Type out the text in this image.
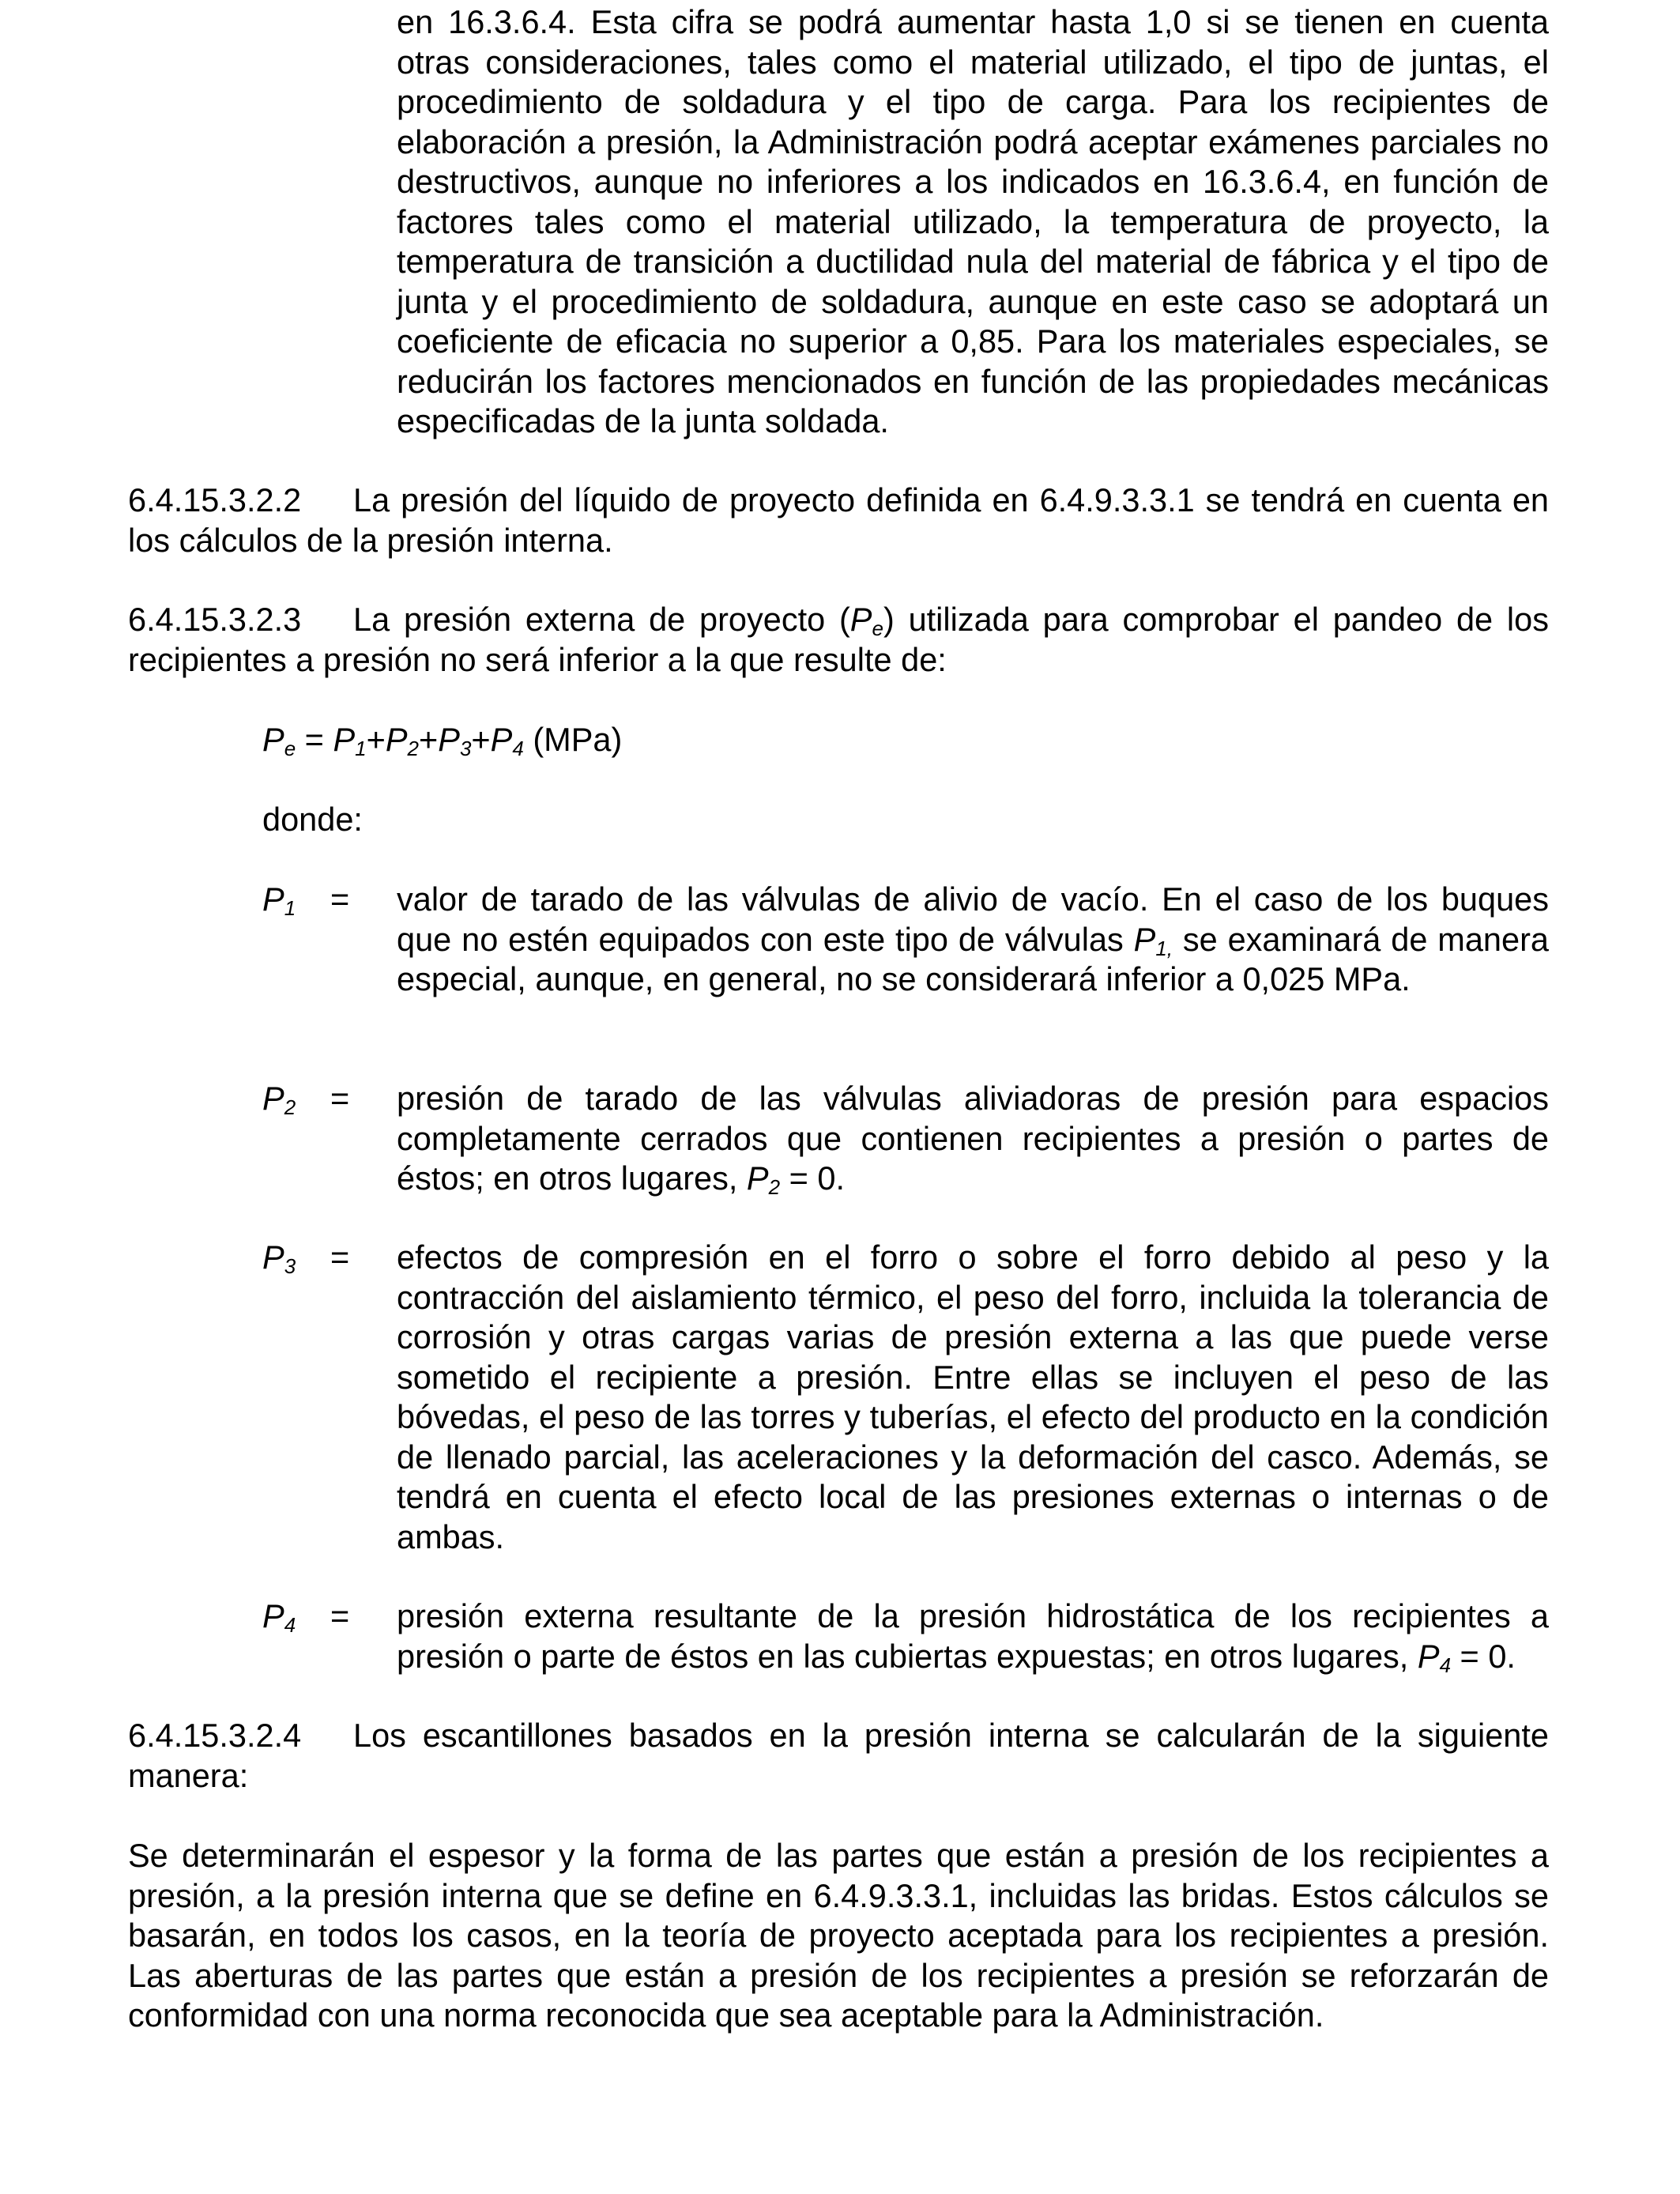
en 16.3.6.4. Esta cifra se podrá aumentar hasta 1,0 si se tienen en cuenta otras consideraciones, tales como el material utilizado, el tipo de juntas, el procedimiento de soldadura y el tipo de carga. Para los recipientes de elaboración a presión, la Administración podrá aceptar exámenes parciales no destructivos, aunque no inferiores a los indicados en 16.3.6.4, en función de factores tales como el material utilizado, la temperatura de proyecto, la temperatura de transición a ductilidad nula del material de fábrica y el tipo de junta y el procedimiento de soldadura, aunque en este caso se adoptará un coeficiente de eficacia no superior a 0,85. Para los materiales especiales, se reducirán los factores mencionados en función de las propiedades mecánicas especificadas de la junta soldada.

6.4.15.3.2.2 La presión del líquido de proyecto definida en 6.4.9.3.3.1 se tendrá en cuenta en los cálculos de la presión interna.

6.4.15.3.2.3 La presión externa de proyecto $(P_e)$ utilizada para comprobar el pandeo de los recipientes a presión no será inferior a la que resulte de:

$P_e = P_1+P_2+P_3+P_4$ (MPa)

donde:

$P_1$ = valor de tarado de las válvulas de alivio de vacío. En el caso de los buques que no estén equipados con este tipo de válvulas $P_{1,}$ se examinará de manera especial, aunque, en general, no se considerará inferior a 0,025 MPa.

$P_2$ = presión de tarado de las válvulas aliviadoras de presión para espacios completamente cerrados que contienen recipientes a presión o partes de éstos; en otros lugares, $P_2 = 0$.

$P_3$ = efectos de compresión en el forro o sobre el forro debido al peso y la contracción del aislamiento térmico, el peso del forro, incluida la tolerancia de corrosión y otras cargas varias de presión externa a las que puede verse sometido el recipiente a presión. Entre ellas se incluyen el peso de las bóvedas, el peso de las torres y tuberías, el efecto del producto en la condición de llenado parcial, las aceleraciones y la deformación del casco. Además, se tendrá en cuenta el efecto local de las presiones externas o internas o de ambas.

$P_4$ = presión externa resultante de la presión hidrostática de los recipientes a presión o parte de éstos en las cubiertas expuestas; en otros lugares, $P_4 = 0$.

6.4.15.3.2.4 Los escantillones basados en la presión interna se calcularán de la siguiente manera:

Se determinarán el espesor y la forma de las partes que están a presión de los recipientes a presión, a la presión interna que se define en 6.4.9.3.3.1, incluidas las bridas. Estos cálculos se basarán, en todos los casos, en la teoría de proyecto aceptada para los recipientes a presión. Las aberturas de las partes que están a presión de los recipientes a presión se reforzarán de conformidad con una norma reconocida que sea aceptable para la Administración.
